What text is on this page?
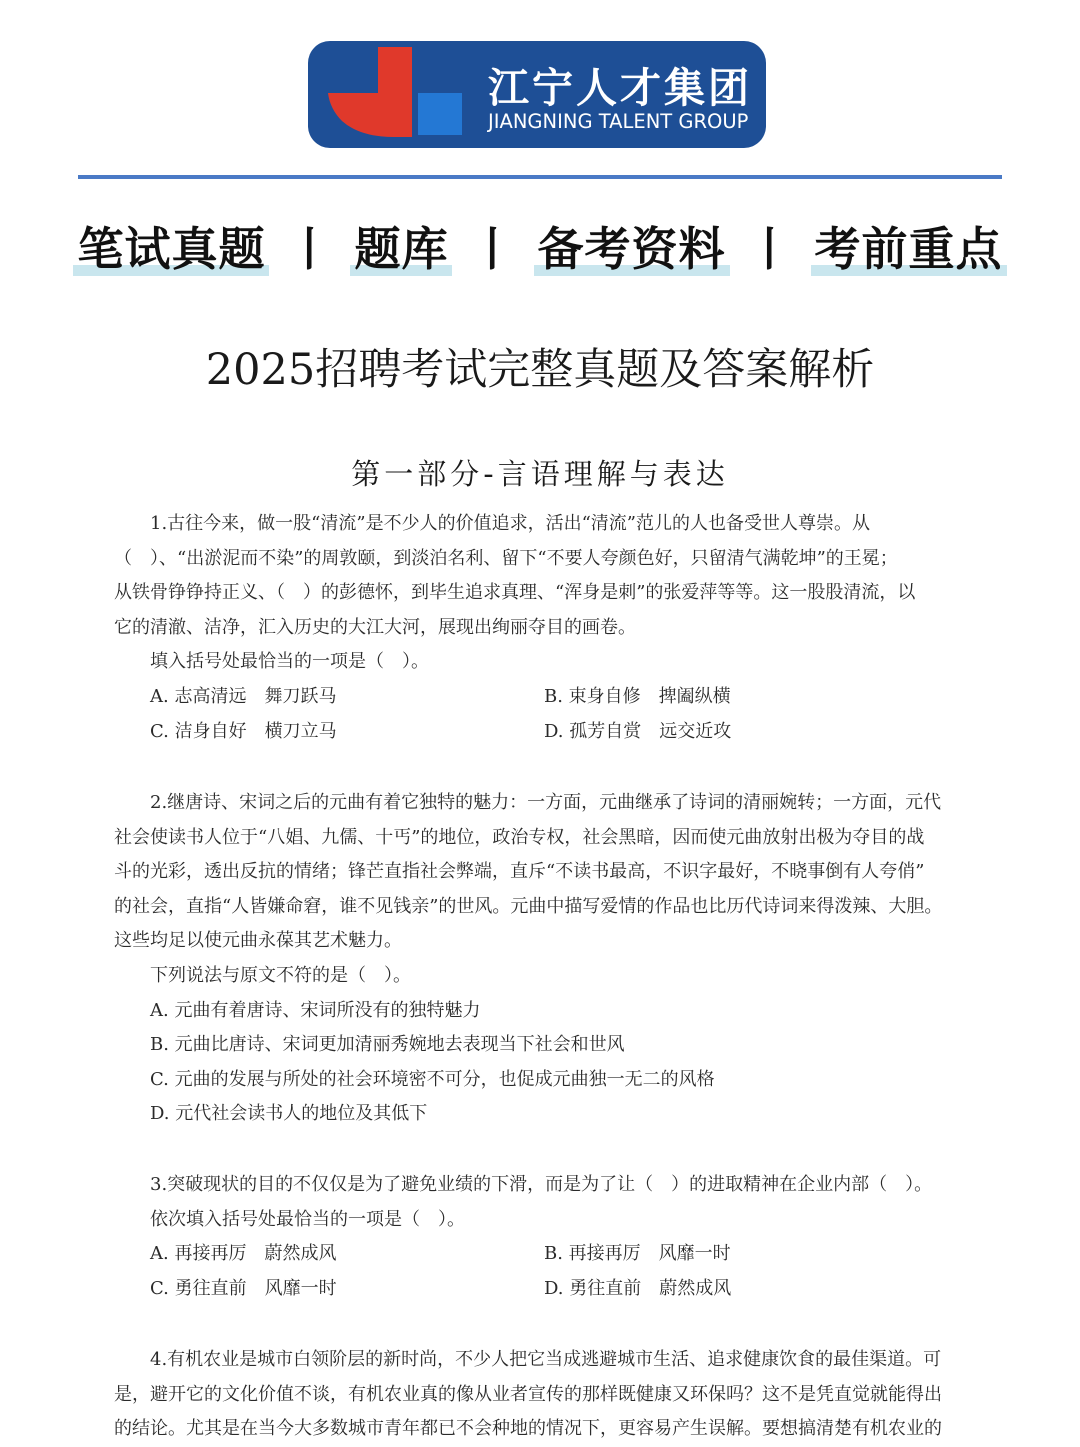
江宁人才集团
JIANGNING TALENT GROUP
笔试真题 丨 题库 丨 备考资料 丨 考前重点
2025招聘考试完整真题及答案解析
第一部分-言语理解与表达

1.古往今来，做一股“清流”是不少人的价值追求，活出“清流”范儿的人也备受世人尊崇。从

（　）、“出淤泥而不染”的周敦颐，到淡泊名利、留下“不要人夸颜色好，只留清气满乾坤”的王冕；

从铁骨铮铮持正义、（　）的彭德怀，到毕生追求真理、“浑身是刺”的张爱萍等等。这一股股清流，以

它的清澈、洁净，汇入历史的大江大河，展现出绚丽夺目的画卷。

填入括号处最恰当的一项是（　）。

A. 志高清远　舞刀跃马	B. 束身自修　捭阖纵横
C. 洁身自好　横刀立马	D. 孤芳自赏　远交近攻

2.继唐诗、宋词之后的元曲有着它独特的魅力：一方面，元曲继承了诗词的清丽婉转；一方面，元代

社会使读书人位于“八娼、九儒、十丐”的地位，政治专权，社会黑暗，因而使元曲放射出极为夺目的战

斗的光彩，透出反抗的情绪；锋芒直指社会弊端，直斥“不读书最高，不识字最好，不晓事倒有人夸俏”

的社会，直指“人皆嫌命窘，谁不见钱亲”的世风。元曲中描写爱情的作品也比历代诗词来得泼辣、大胆。

这些均足以使元曲永葆其艺术魅力。

下列说法与原文不符的是（　）。

A. 元曲有着唐诗、宋词所没有的独特魅力

B. 元曲比唐诗、宋词更加清丽秀婉地去表现当下社会和世风

C. 元曲的发展与所处的社会环境密不可分，也促成元曲独一无二的风格

D. 元代社会读书人的地位及其低下

3.突破现状的目的不仅仅是为了避免业绩的下滑，而是为了让（　）的进取精神在企业内部（　）。

依次填入括号处最恰当的一项是（　）。

A. 再接再厉　蔚然成风	B. 再接再厉　风靡一时
C. 勇往直前　风靡一时	D. 勇往直前　蔚然成风

4.有机农业是城市白领阶层的新时尚，不少人把它当成逃避城市生活、追求健康饮食的最佳渠道。可

是，避开它的文化价值不谈，有机农业真的像从业者宣传的那样既健康又环保吗？这不是凭直觉就能得出

的结论。尤其是在当今大多数城市青年都已不会种地的情况下，更容易产生误解。要想搞清楚有机农业的
